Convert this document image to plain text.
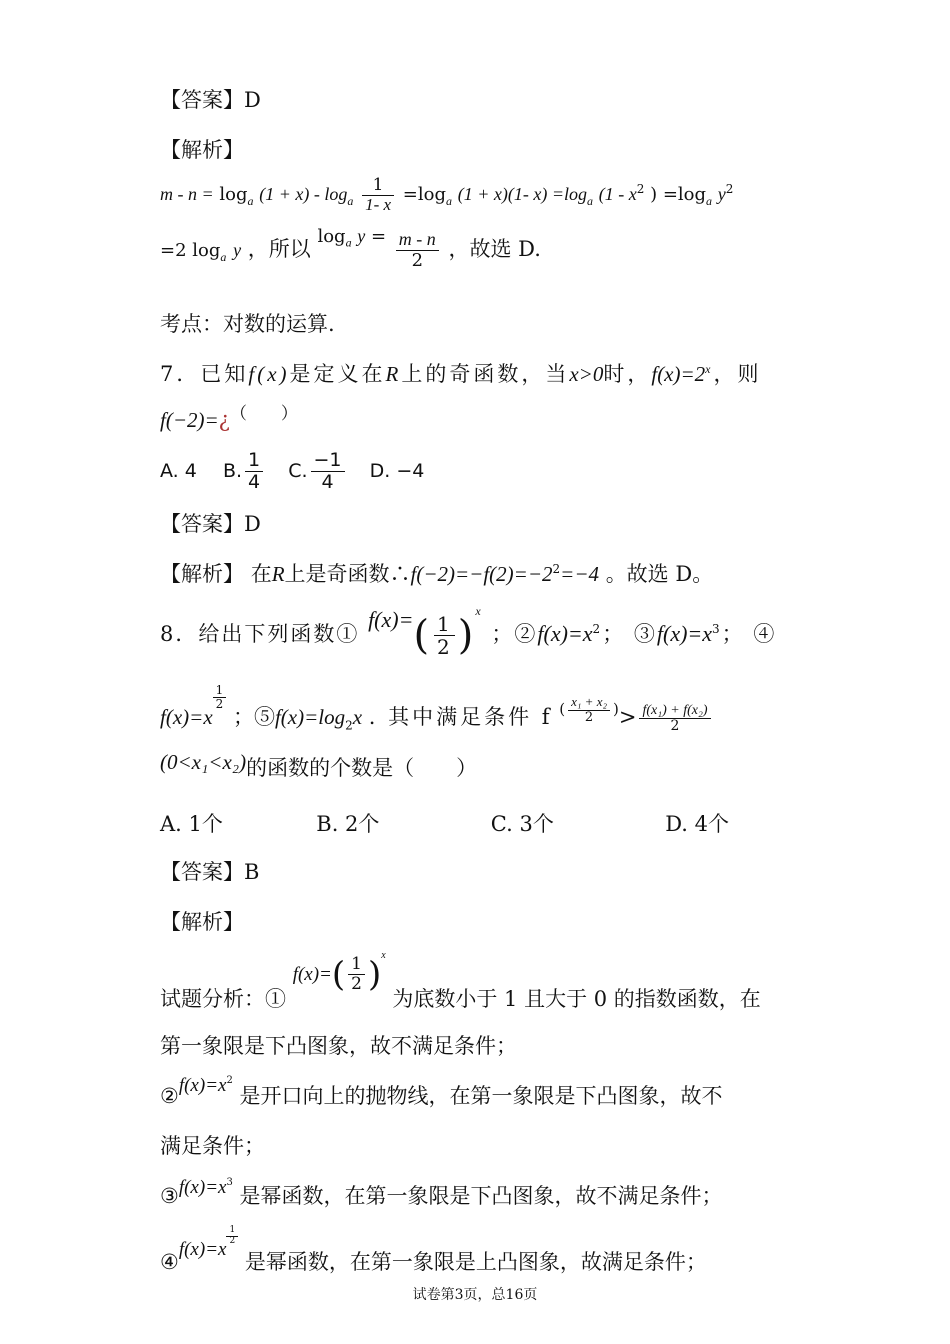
【答案】D
【解析】
$m - n = \log_a (1 + x) - \log_a \frac{1}{1- x} =\log_a$ (1 + x)(1- $x) =\log_a$ ($1 - x^2$ ) $=\log_a$ $y^2$
=2 $\log_a y$ ，所以 $\log_a y = \frac{m - n}{2}$ ，故选 D.
考点：对数的运算.
7．已知f(x)是定义在R上的奇函数，当x>0时，$f(x)=2^x$，则
f(−2)=¿（　　）
A. 4 B. $\frac{1}{4} C$. $\frac{-1}{4} D$. −4
【答案】D
【解析】 在R上是奇函数$\therefore f(-2)=-f(2)=-2^2=-4$ 。故选 D。
8．给出下列函数① $f(x)=( \frac{1}{2} )^x$ ；$②f(x)=x^2$； $③f(x)=x^3$； ④
f(x)=x
$\frac{1}{2}$
；$⑤f(x)=\log_2x$ . 其中满足条件 f $^{( \frac{\text{x₁ + x₂}}{2} )}> \frac{\text{f(x₁) + f(x₂)}}{2}$
(0<x₁<x₂)的函数的个数是（　　）
A. 1个	B. 2个	C. 3个	D. 4个
【答案】B
【解析】
试题分析：① $f(x)=( \frac{1}{2} )^x$ 为底数小于 1 且大于 0 的指数函数，在
第一象限是下凸图象，故不满足条件；
$②f(x)=x^2$ 是开口向上的抛物线，在第一象限是下凸图象，故不
满足条件；
$③f(x)=x^3$ 是幂函数，在第一象限是下凸图象，故不满足条件；
④f(x)=x
$\frac{1}{2}$
是幂函数，在第一象限是上凸图象，故满足条件；
试卷第3页，总16页
